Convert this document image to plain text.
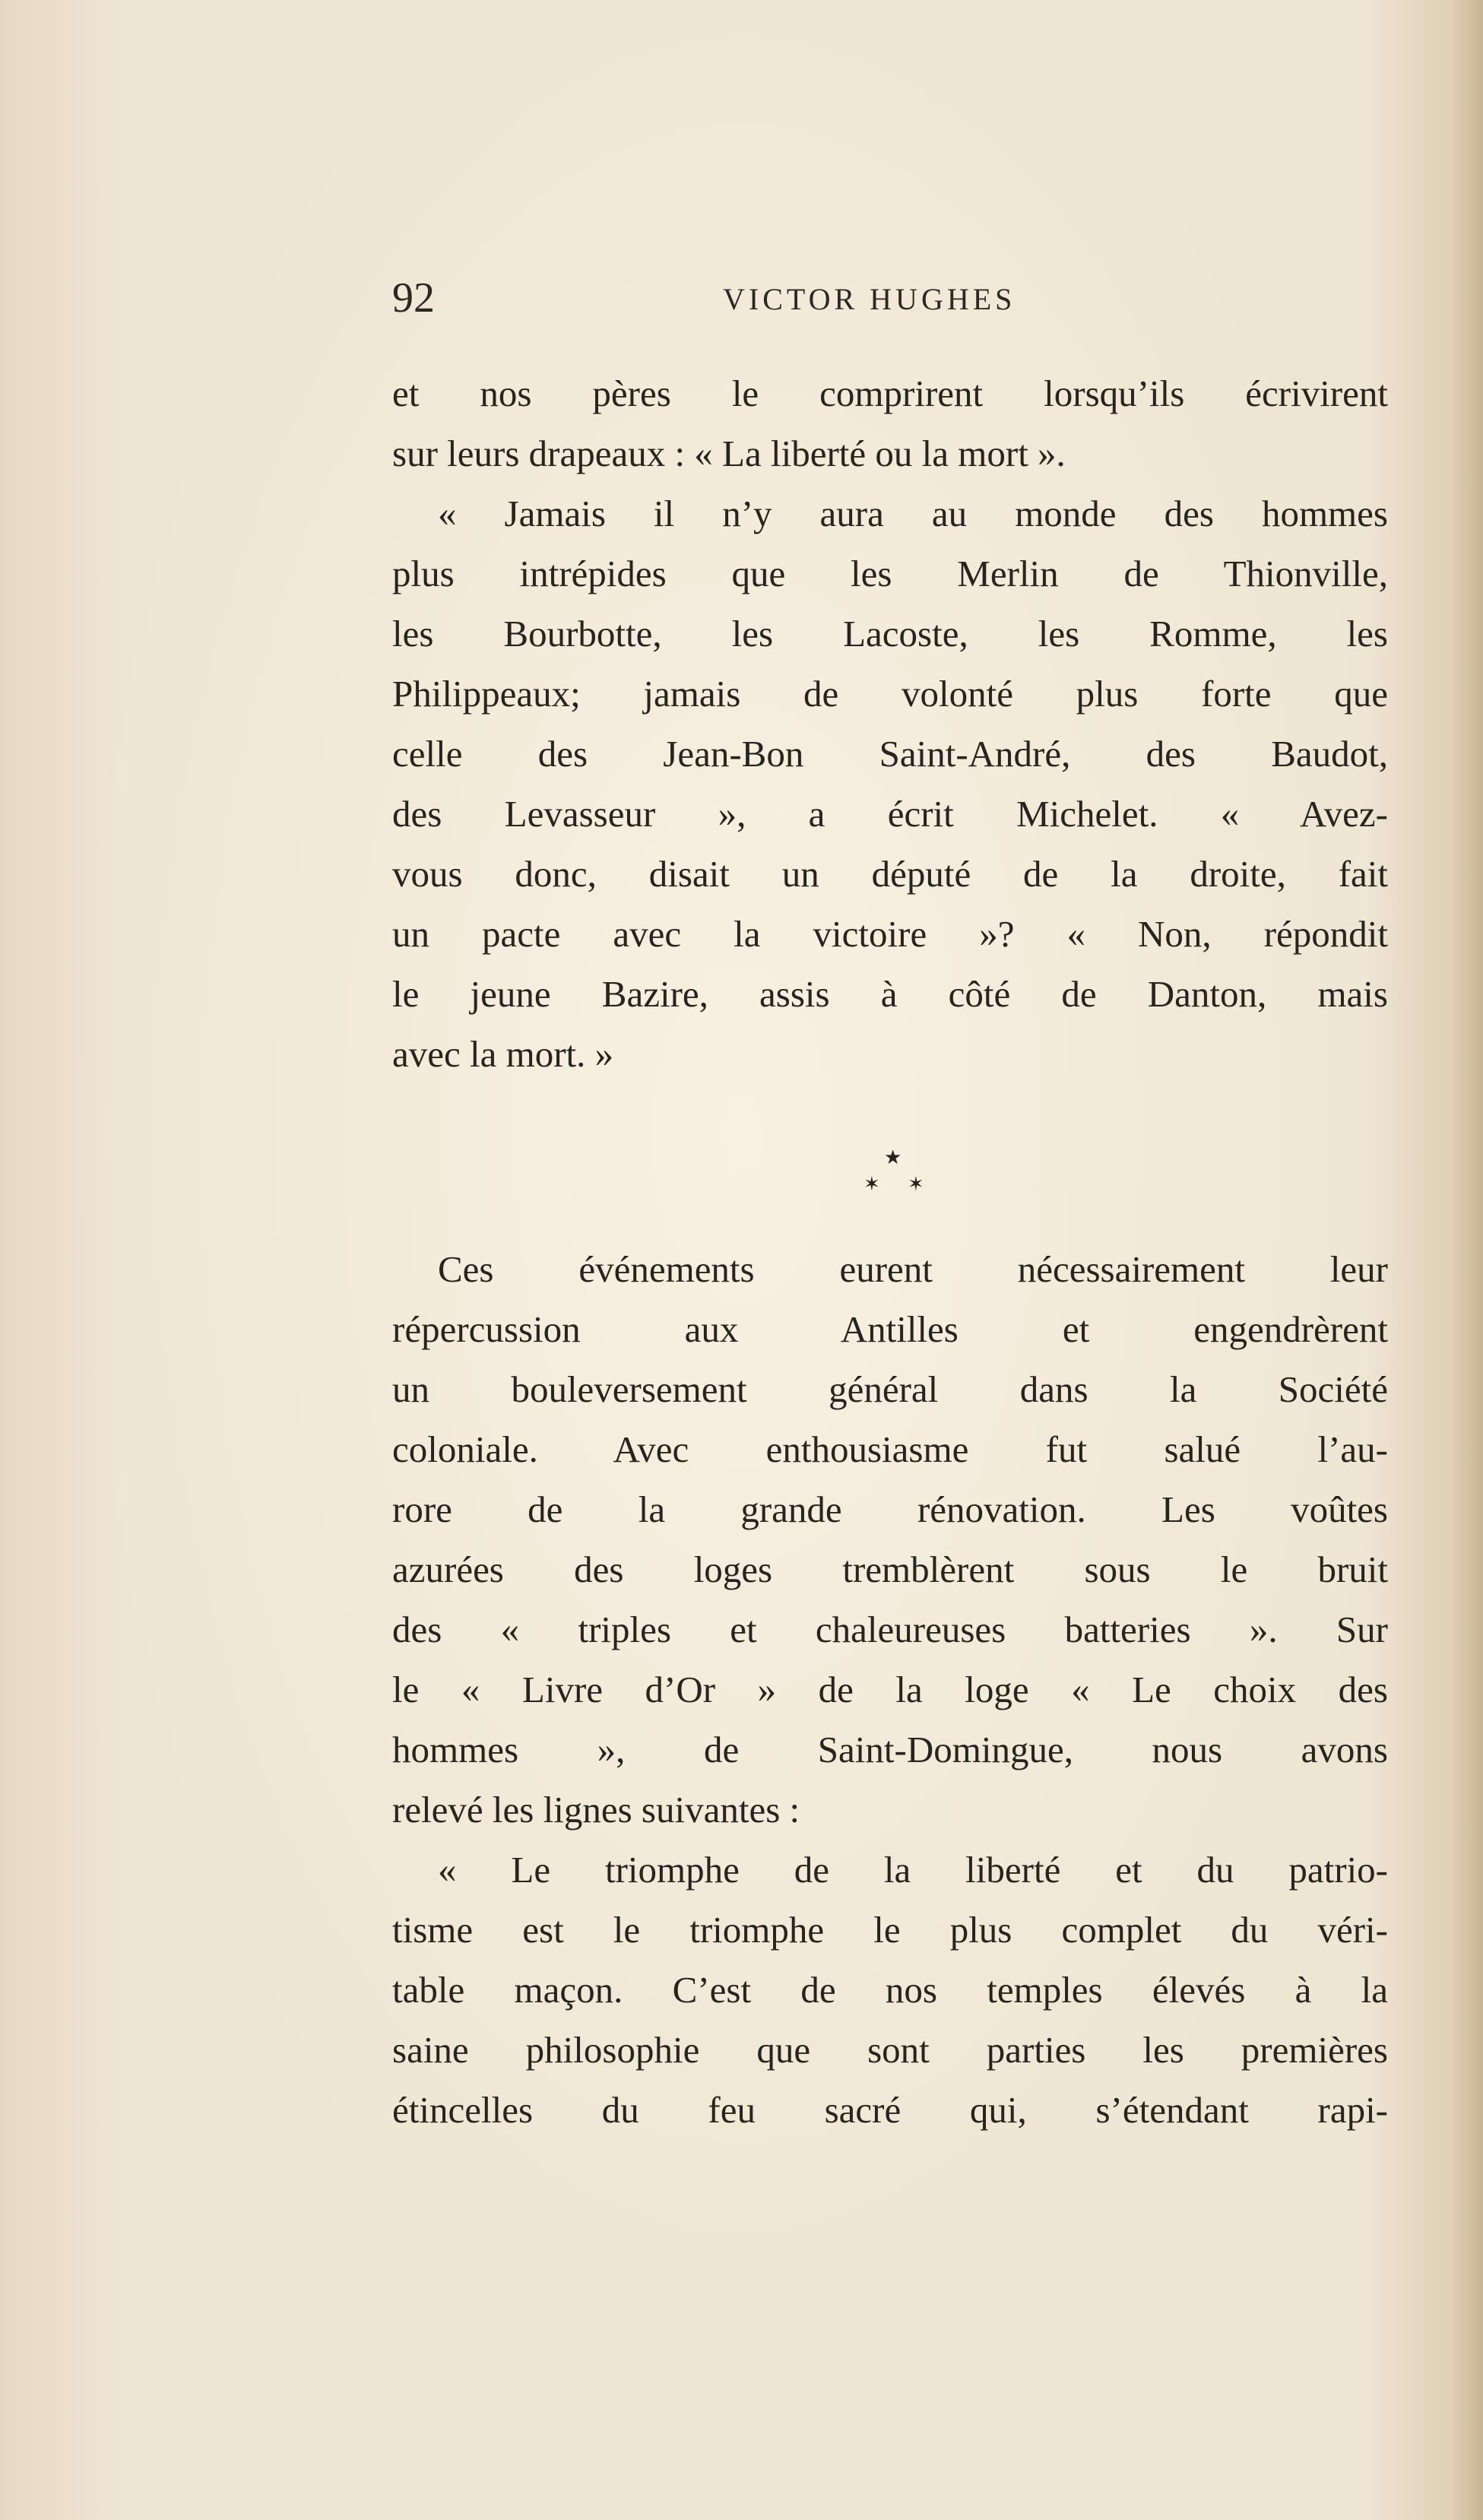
92	VICTOR HUGHES
et nos pères le comprirent lorsqu’ils écrivirent
sur leurs drapeaux : « La liberté ou la mort ».
« Jamais il n’y aura au monde des hommes
plus intrépides que les Merlin de Thionville,
les Bourbotte, les Lacoste, les Romme, les
Philippeaux; jamais de volonté plus forte que
celle des Jean-Bon Saint-André, des Baudot,
des Levasseur », a écrit Michelet. « Avez-
vous donc, disait un député de la droite, fait
un pacte avec la victoire »? « Non, répondit
le jeune Bazire, assis à côté de Danton, mais
avec la mort. »
★
✶ ✶
Ces événements eurent nécessairement leur
répercussion aux Antilles et engendrèrent
un bouleversement général dans la Société
coloniale. Avec enthousiasme fut salué l’au-
rore de la grande rénovation. Les voûtes
azurées des loges tremblèrent sous le bruit
des « triples et chaleureuses batteries ». Sur
le « Livre d’Or » de la loge « Le choix des
hommes », de Saint-Domingue, nous avons
relevé les lignes suivantes :
« Le triomphe de la liberté et du patrio-
tisme est le triomphe le plus complet du véri-
table maçon. C’est de nos temples élevés à la
saine philosophie que sont parties les premières
étincelles du feu sacré qui, s’étendant rapi-
